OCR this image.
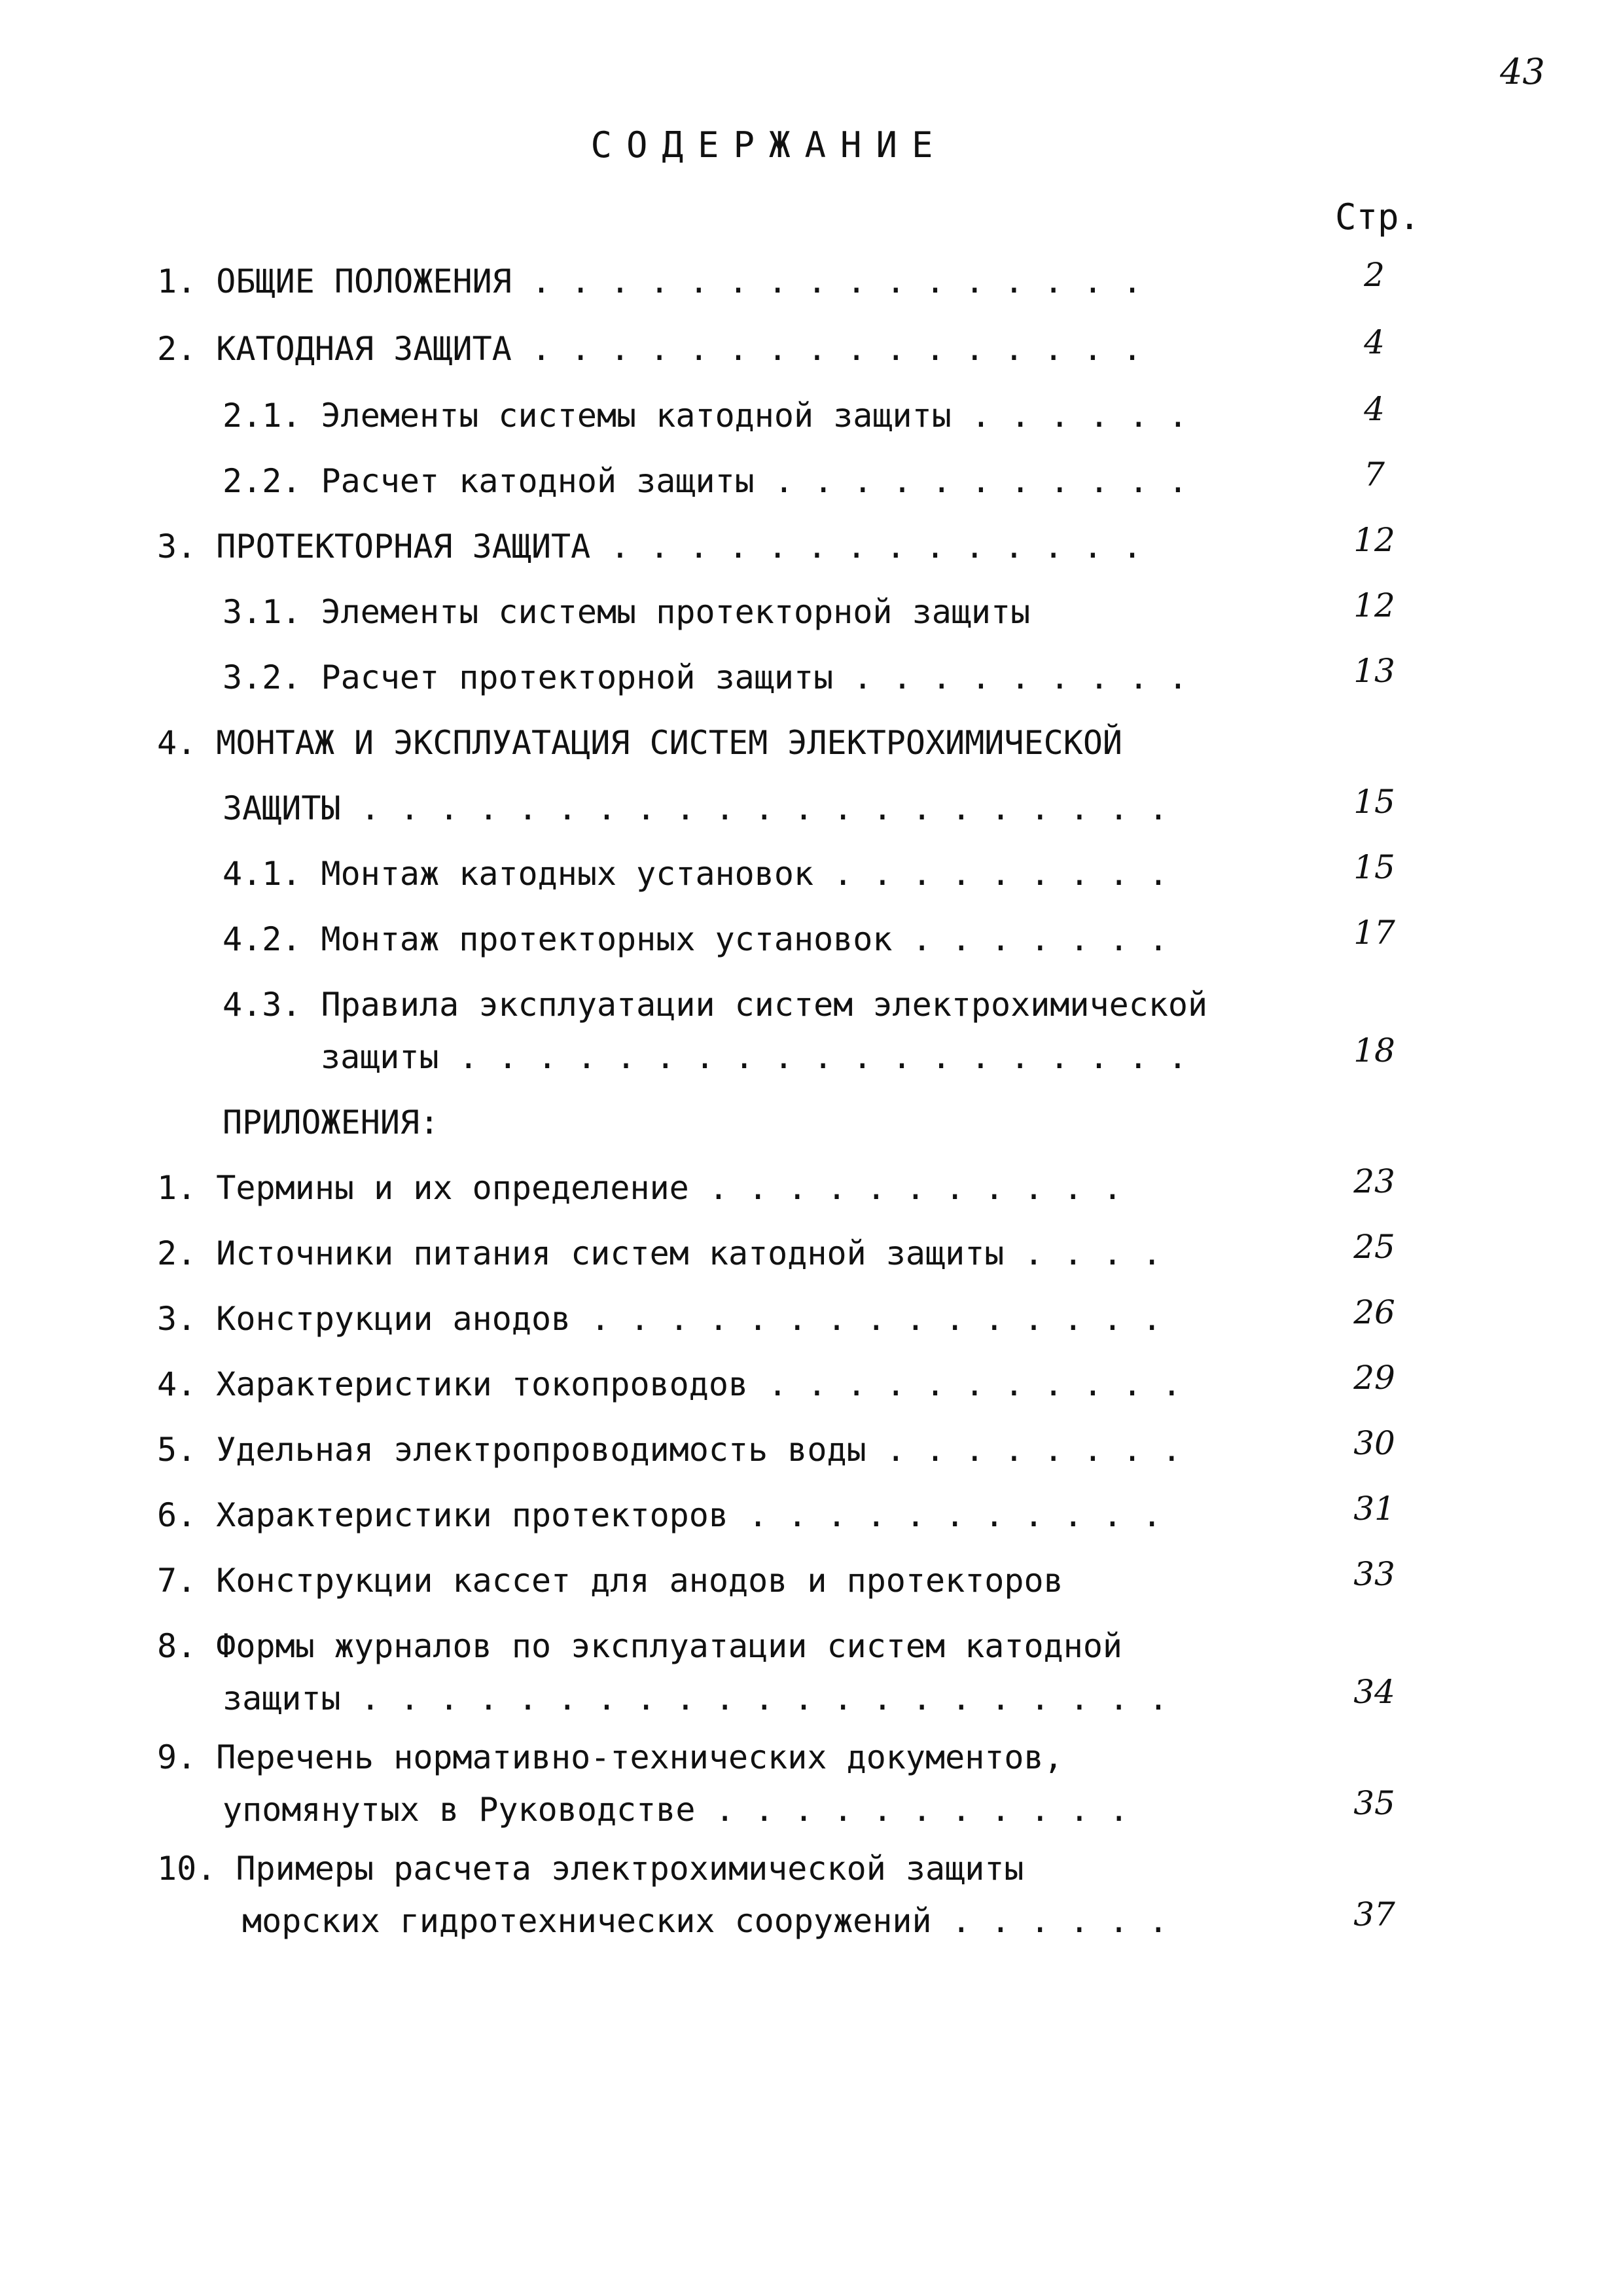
43
СОДЕРЖАНИЕ
Стр.
1. ОБЩИЕ ПОЛОЖЕНИЯ . . . . . . . . . . . . . . . .	2
2. КАТОДНАЯ ЗАЩИТА . . . . . . . . . . . . . . . .	4
2.1. Элементы системы катодной защиты . . . . . .	4
2.2. Расчет катодной защиты . . . . . . . . . . .	7
3. ПРОТЕКТОРНАЯ ЗАЩИТА . . . . . . . . . . . . . .	12
3.1. Элементы системы протекторной защиты	12
3.2. Расчет протекторной защиты . . . . . . . . .	13
4. МОНТАЖ И ЭКСПЛУАТАЦИЯ СИСТЕМ ЭЛЕКТРОХИМИЧЕСКОЙ
ЗАЩИТЫ . . . . . . . . . . . . . . . . . . . . .	15
4.1. Монтаж катодных установок . . . . . . . . .	15
4.2. Монтаж протекторных установок . . . . . . .	17
4.3. Правила эксплуатации систем электрохимической
защиты . . . . . . . . . . . . . . . . . . .	18
ПРИЛОЖЕНИЯ:
1. Термины и их определение . . . . . . . . . . .	23
2. Источники питания систем катодной защиты . . . .	25
3. Конструкции анодов . . . . . . . . . . . . . . .	26
4. Характеристики токопроводов . . . . . . . . . . .	29
5. Удельная электропроводимость воды . . . . . . . .	30
6. Характеристики протекторов . . . . . . . . . . .	31
7. Конструкции кассет для анодов и протекторов	33
8. Формы журналов по эксплуатации систем катодной
защиты . . . . . . . . . . . . . . . . . . . . .	34
9. Перечень нормативно-технических документов,
упомянутых в Руководстве . . . . . . . . . . .	35
10. Примеры расчета электрохимической защиты
морских гидротехнических сооружений . . . . . .	37
